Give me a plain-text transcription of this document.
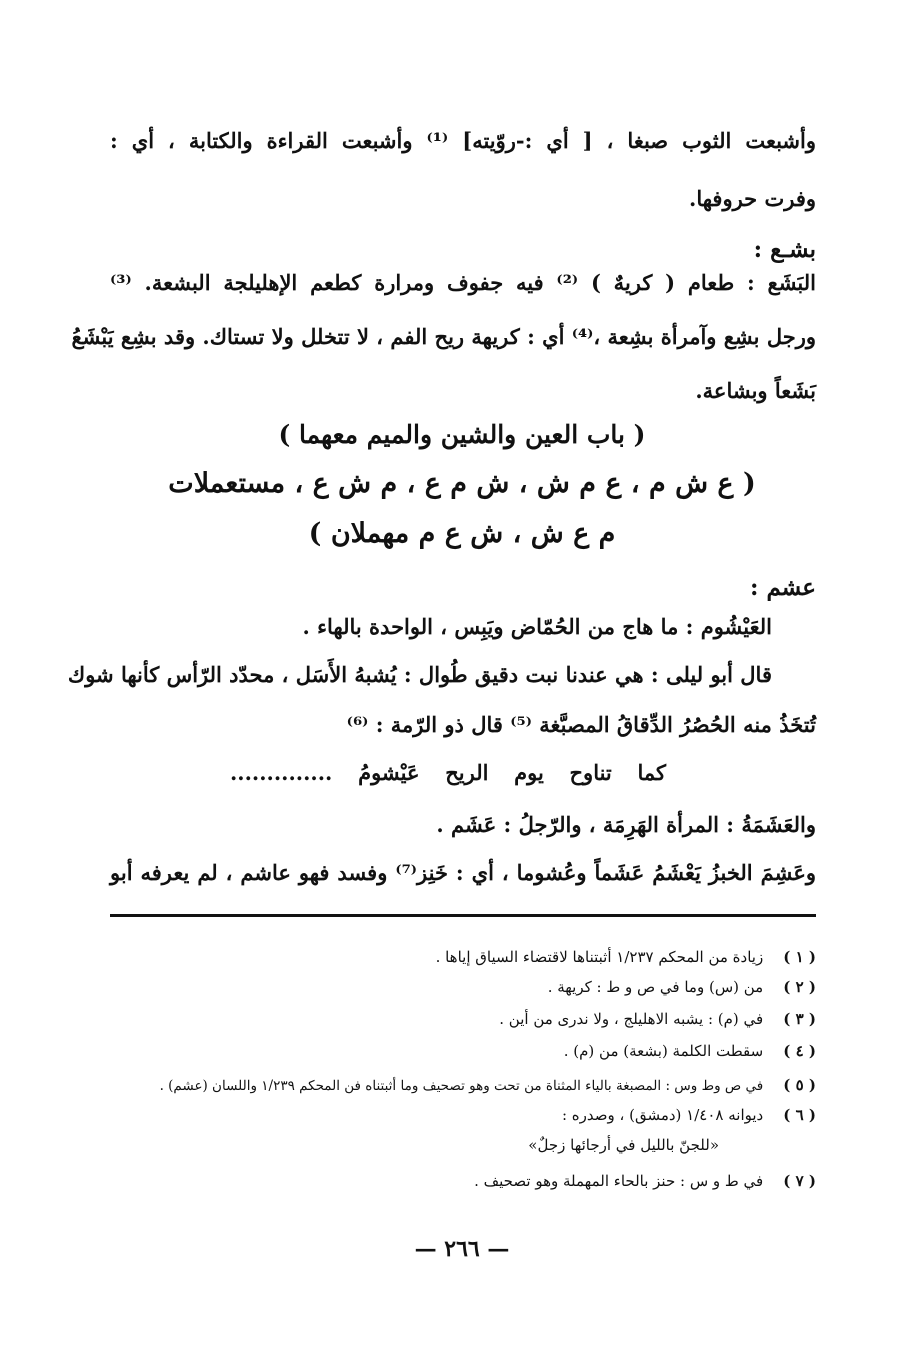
وأشبعت الثوب صبغا ، [ أي :-روّيته] ⁽¹⁾ وأشبعت القراءة والكتابة ، أي :
وفرت حروفها.
بشـع :
البَشَع : طعام ( كريهٌ ) ⁽²⁾ فيه جفوف ومرارة كطعم الإهليلجة البشعة. ⁽³⁾
ورجل بشِع وآمرأة بشِعة ،⁽⁴⁾ أي : كريهة ريح الفم ، لا تتخلل ولا تستاك. وقد بشِع يَبْشَعُ
بَشَعاً وبشاعة.
( باب العين والشين والميم معهما )
( ع ش م ، ع م ش ، ش م ع ، م ش ع ، مستعملات
م ع ش ، ش ع م مهملان )
عشم :
العَيْشُوم : ما هاج من الحُمّاض ويَبِس ، الواحدة بالهاء .
قال أبو ليلى : هي عندنا نبت دقيق طُوال : يُشبهُ الأَسَل ، محدّد الرّأس كأنها شوك
تُتخَذُ منه الحُصُرُ الدِّقاقُ المصبَّغة ⁽⁵⁾ قال ذو الرّمة : ⁽⁶⁾
كما تناوح يوم الريح عَيْشومُ ..............
والعَشَمَةُ : المرأة الهَرِمَة ، والرّجلُ : عَشَم .
وعَشِمَ الخبزُ يَعْشَمُ عَشَماً وعُشوما ، أي : خَنِز⁽⁷⁾ وفسد فهو عاشم ، لم يعرفه أبو
( ١ ) زيادة من المحكم ١/٢٣٧ أثبتناها لاقتضاء السياق إياها .
( ٢ ) من (س) وما في ص و ط : كريهة .
( ٣ ) في (م) : يشبه الاهليلج ، ولا ندرى من أين .
( ٤ ) سقطت الكلمة (بشعة) من (م) .
( ٥ ) في ص وط وس : المصبغة بالياء المثناة من تحت وهو تصحيف وما أثبتناه فن المحكم ١/٢٣٩ واللسان (عشم) .
( ٦ ) ديوانه ١/٤٠٨ (دمشق) ، وصدره :
«للجنّ بالليل في أرجائها زجلٌ»
( ٧ ) في ط و س : حنز بالحاء المهملة وهو تصحيف .
— ٢٦٦ —
